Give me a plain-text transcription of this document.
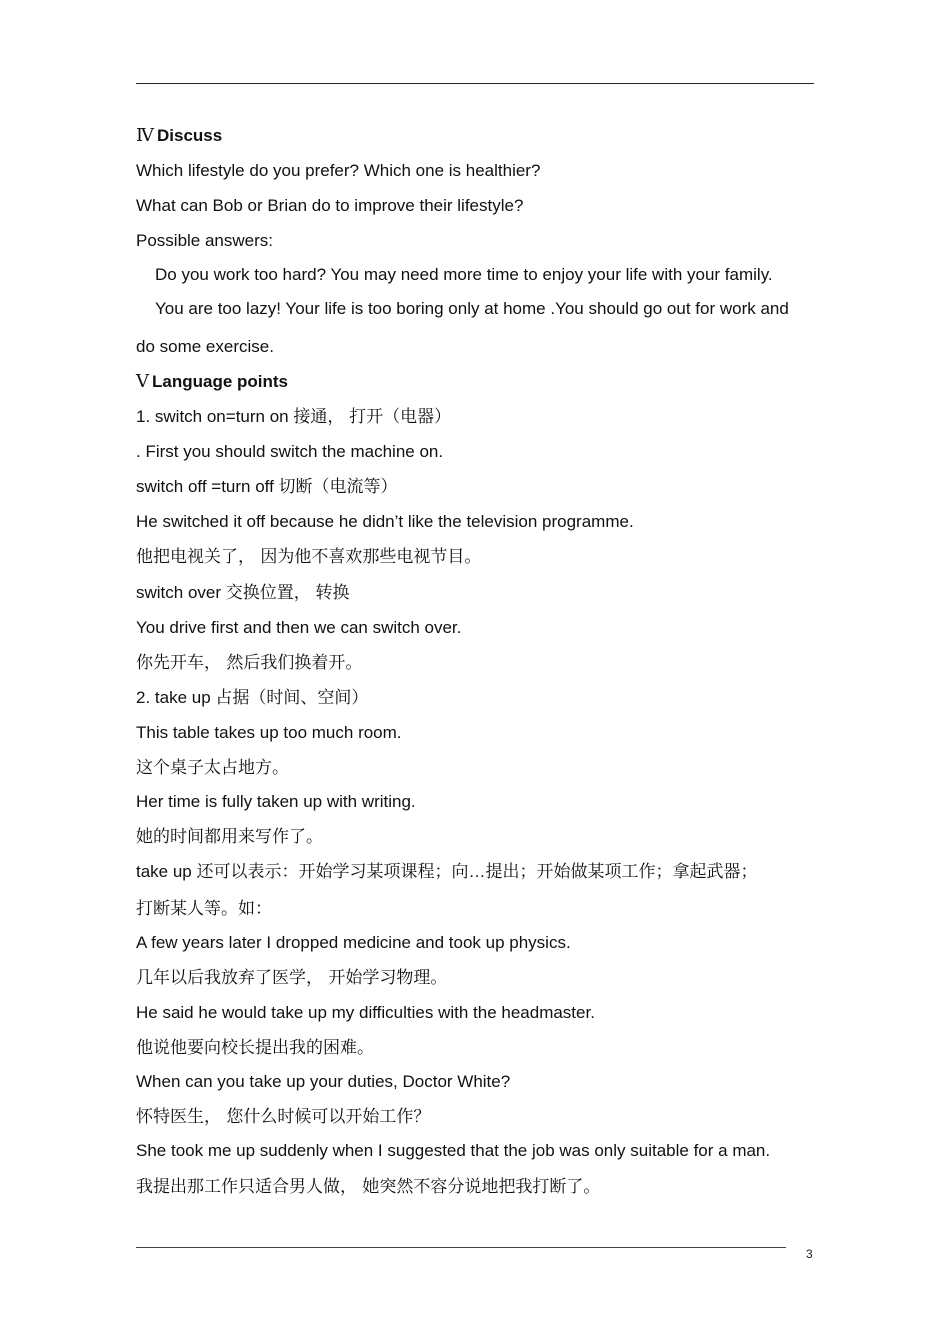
Ⅳ Discuss
Which lifestyle do you prefer? Which one is healthier?
What can Bob or Brian do to improve their lifestyle?
Possible answers:
Do you work too hard? You may need more time to enjoy your life with your family.
You are too lazy! Your life is too boring only at home .You should go out for work and
do some exercise.
Ⅴ Language points
1. switch on=turn on 接通， 打开（电器）
. First you should switch the machine on.
switch off =turn off 切断（电流等）
He switched it off because he didn’t like the television programme.
他把电视关了， 因为他不喜欢那些电视节目。
switch over 交换位置， 转换
You drive first and then we can switch over.
你先开车， 然后我们换着开。
2. take up 占据（时间、空间）
This table takes up too much room.
这个桌子太占地方。
Her time is fully taken up with writing.
她的时间都用来写作了。
take up 还可以表示：开始学习某项课程；向…提出；开始做某项工作；拿起武器；
打断某人等。如：
A few years later I dropped medicine and took up physics.
几年以后我放弃了医学， 开始学习物理。
He said he would take up my difficulties with the headmaster.
他说他要向校长提出我的困难。
When can you take up your duties, Doctor White?
怀特医生， 您什么时候可以开始工作？
She took me up suddenly when I suggested that the job was only suitable for a man.
我提出那工作只适合男人做， 她突然不容分说地把我打断了。
3
